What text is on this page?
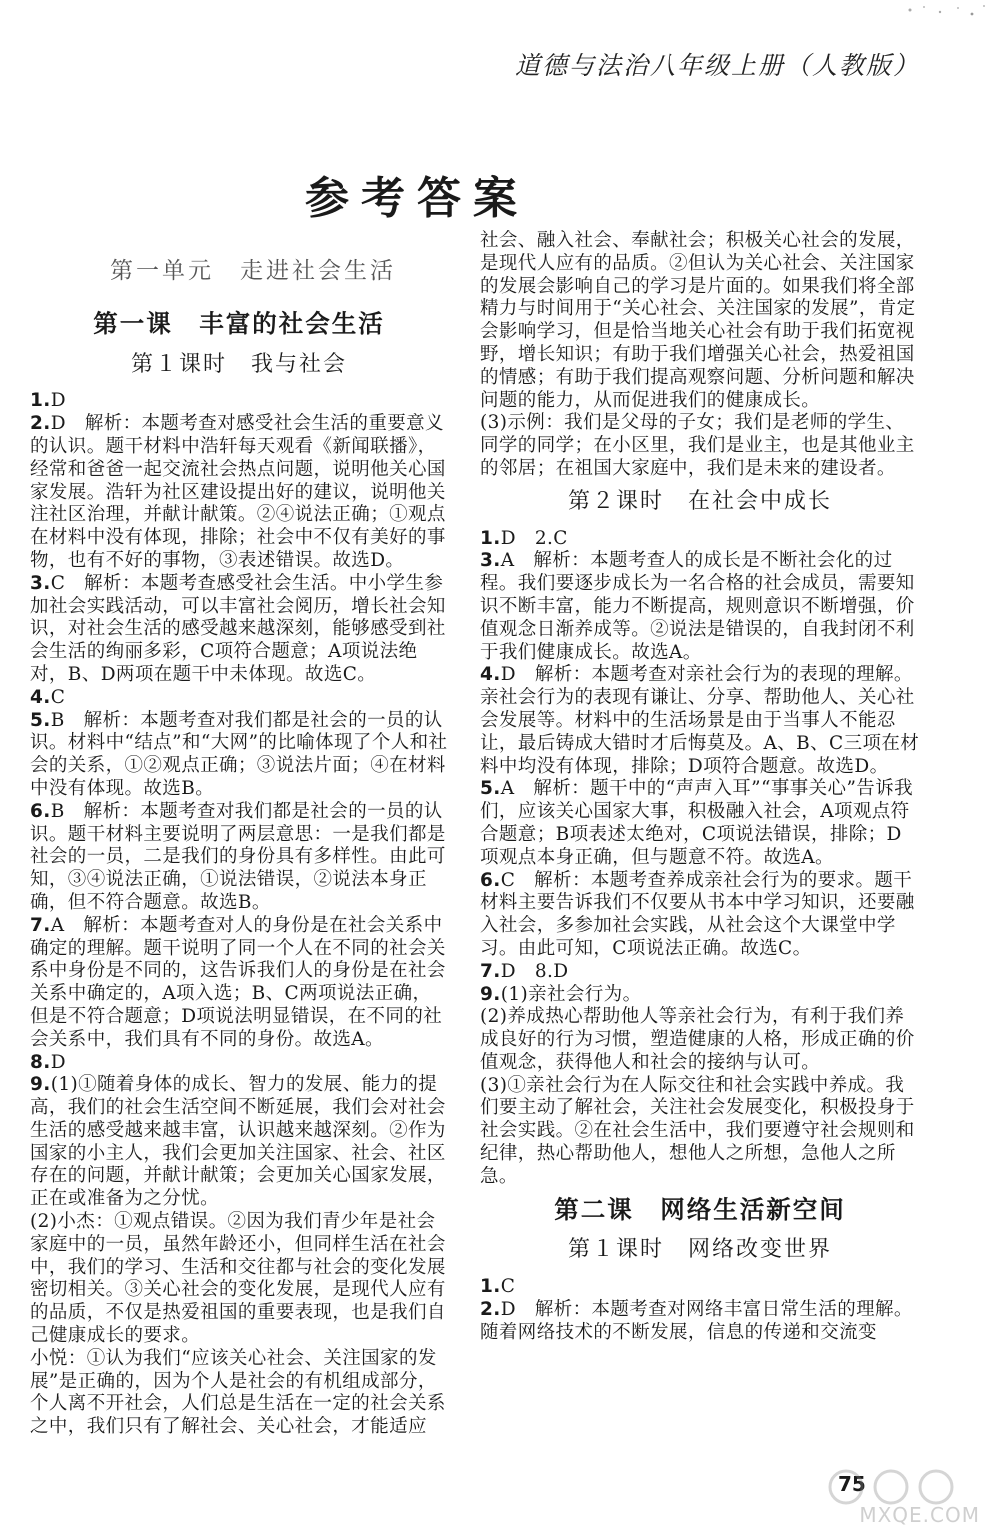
道德与法治八年级上册（人教版）
参考答案
第一单元　走进社会生活
第一课　丰富的社会生活
第１课时　我与社会

1.D

2.D　解析：本题考查对感受社会生活的重要意义的认识。题干材料中浩轩每天观看《新闻联播》，经常和爸爸一起交流社会热点问题，说明他关心国家发展。浩轩为社区建设提出好的建议，说明他关注社区治理，并献计献策。②④说法正确；①观点在材料中没有体现，排除；社会中不仅有美好的事物，也有不好的事物，③表述错误。故选D。

3.C　解析：本题考查感受社会生活。中小学生参加社会实践活动，可以丰富社会阅历，增长社会知识，对社会生活的感受越来越深刻，能够感受到社会生活的绚丽多彩，C项符合题意；A项说法绝对，B、D两项在题干中未体现。故选C。

4.C

5.B　解析：本题考查对我们都是社会的一员的认识。材料中“结点”和“大网”的比喻体现了个人和社会的关系，①②观点正确；③说法片面；④在材料中没有体现。故选B。

6.B　解析：本题考查对我们都是社会的一员的认识。题干材料主要说明了两层意思：一是我们都是社会的一员，二是我们的身份具有多样性。由此可知，③④说法正确，①说法错误，②说法本身正确，但不符合题意。故选B。

7.A　解析：本题考查对人的身份是在社会关系中确定的理解。题干说明了同一个人在不同的社会关系中身份是不同的，这告诉我们人的身份是在社会关系中确定的，A项入选；B、C两项说法正确，但是不符合题意；D项说法明显错误，在不同的社会关系中，我们具有不同的身份。故选A。

8.D

9.(1)①随着身体的成长、智力的发展、能力的提高，我们的社会生活空间不断延展，我们会对社会生活的感受越来越丰富，认识越来越深刻。②作为国家的小主人，我们会更加关注国家、社会、社区存在的问题，并献计献策；会更加关心国家发展，正在或准备为之分忧。

(2)小杰：①观点错误。②因为我们青少年是社会家庭中的一员，虽然年龄还小，但同样生活在社会中，我们的学习、生活和交往都与社会的变化发展密切相关。③关心社会的变化发展，是现代人应有的品质，不仅是热爱祖国的重要表现，也是我们自己健康成长的要求。

小悦：①认为我们“应该关心社会、关注国家的发展”是正确的，因为个人是社会的有机组成部分，个人离不开社会，人们总是生活在一定的社会关系之中，我们只有了解社会、关心社会，才能适应

社会、融入社会、奉献社会；积极关心社会的发展，是现代人应有的品质。②但认为关心社会、关注国家的发展会影响自己的学习是片面的。如果我们将全部精力与时间用于“关心社会、关注国家的发展”，肯定会影响学习，但是恰当地关心社会有助于我们拓宽视野，增长知识；有助于我们增强关心社会，热爱祖国的情感；有助于我们提高观察问题、分析问题和解决问题的能力，从而促进我们的健康成长。

(3)示例：我们是父母的子女；我们是老师的学生、同学的同学；在小区里，我们是业主，也是其他业主的邻居；在祖国大家庭中，我们是未来的建设者。

第２课时　在社会中成长

1.D　2.C

3.A　解析：本题考查人的成长是不断社会化的过程。我们要逐步成长为一名合格的社会成员，需要知识不断丰富，能力不断提高，规则意识不断增强，价值观念日渐养成等。②说法是错误的，自我封闭不利于我们健康成长。故选A。

4.D　解析：本题考查对亲社会行为的表现的理解。亲社会行为的表现有谦让、分享、帮助他人、关心社会发展等。材料中的生活场景是由于当事人不能忍让，最后铸成大错时才后悔莫及。A、B、C三项在材料中均没有体现，排除；D项符合题意。故选D。

5.A　解析：题干中的“声声入耳”“事事关心”告诉我们，应该关心国家大事，积极融入社会，A项观点符合题意；B项表述太绝对，C项说法错误，排除；D项观点本身正确，但与题意不符。故选A。

6.C　解析：本题考查养成亲社会行为的要求。题干材料主要告诉我们不仅要从书本中学习知识，还要融入社会，多参加社会实践，从社会这个大课堂中学习。由此可知，C项说法正确。故选C。

7.D　8.D

9.(1)亲社会行为。

(2)养成热心帮助他人等亲社会行为，有利于我们养成良好的行为习惯，塑造健康的人格，形成正确的价值观念，获得他人和社会的接纳与认可。

(3)①亲社会行为在人际交往和社会实践中养成。我们要主动了解社会，关注社会发展变化，积极投身于社会实践。②在社会生活中，我们要遵守社会规则和纪律，热心帮助他人，想他人之所想，急他人之所急。

第二课　网络生活新空间
第１课时　网络改变世界

1.C

2.D　解析：本题考查对网络丰富日常生活的理解。随着网络技术的不断发展，信息的传递和交流变

75
MXQE.COM
